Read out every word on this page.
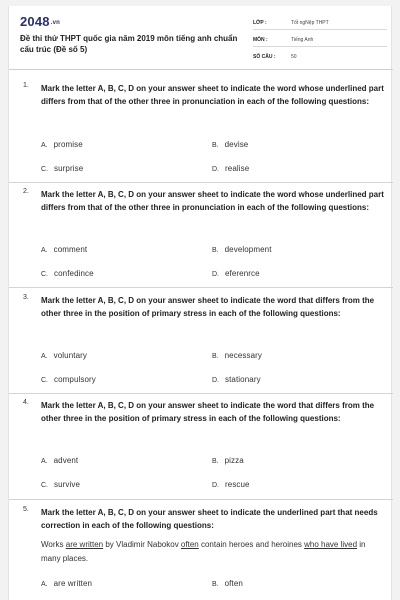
2048.vn
Đề thi thử THPT quốc gia năm 2019 môn tiếng anh chuẩn cấu trúc (Đề số 5)
LỚP :	Tốt ngNệp THPT
MÔN :	Tiếng Anh
SỐ CÂU :	50
1. Mark the letter A, B, C, D on your answer sheet to indicate the word whose underlined part differs from that of the other three in pronunciation in each of the following questions:
A. promise	B. devise
C. surprise	D. realise
2. Mark the letter A, B, C, D on your answer sheet to indicate the word whose underlined part differs from that of the other three in pronunciation in each of the following questions:
A. comment	B. development
C. confedince	D. eferenrce
3. Mark the letter A, B, C, D on your answer sheet to indicate the word that differs from the other three in the position of primary stress in each of the following questions:
A. voluntary	B. necessary
C. compulsory	D. stationary
4. Mark the letter A, B, C, D on your answer sheet to indicate the word that differs from the other three in the position of primary stress in each of the following questions:
A. advent	B. pizza
C. survive	D. rescue
5. Mark the letter A, B, C, D on your answer sheet to indicate the underlined part that needs correction in each of the following questions:
Works are written by Vladimir Nabokov often contain heroes and heroines who have lived in many places.
A. are written	B. often
